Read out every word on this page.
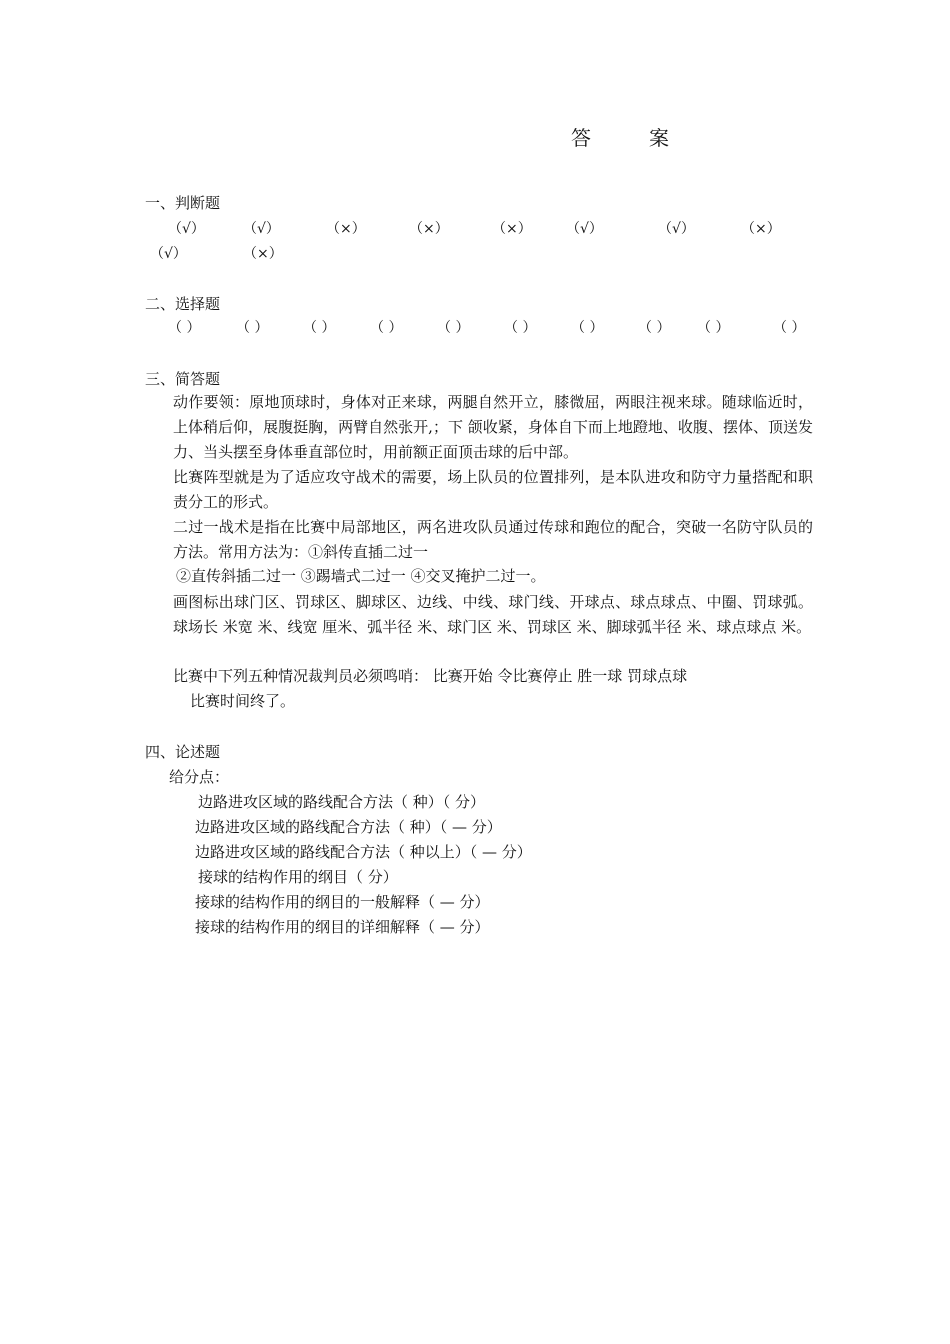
答	案
一、判断题
（√）	（√）	（×）	（×）	（×） （√）	（√）	（×）
（√）	（×）
二、选择题
（ ）	（ ） （ ） （ ） （ ） （ ） （ ） （ ） （ ）	（ ）
三、简答题
动作要领：原地顶球时，身体对正来球，两腿自然开立，膝微屈，两眼注视来球。随球临近时，上体稍后仰，展腹挺胸，两臂自然张开,；下 颌收紧，身体自下而上地蹬地、收腹、摆体、顶送发力、当头摆至身体垂直部位时，用前额正面顶击球的后中部。
比赛阵型就是为了适应攻守战术的需要，场上队员的位置排列，是本队进攻和防守力量搭配和职责分工的形式。
二过一战术是指在比赛中局部地区，两名进攻队员通过传球和跑位的配合，突破一名防守队员的方法。常用方法为：①斜传直插二过一
②直传斜插二过一 ③踢墙式二过一 ④交叉掩护二过一。
画图标出球门区、罚球区、脚球区、边线、中线、球门线、开球点、球点球点、中圈、罚球弧。球场长 米宽 米、线宽 厘米、弧半径 米、球门区 米、罚球区 米、脚球弧半径 米、球点球点 米。
比赛中下列五种情况裁判员必须鸣哨： 比赛开始 令比赛停止 胜一球 罚球点球
比赛时间终了。
四、论述题
给分点：
边路进攻区域的路线配合方法（ 种）（ 分）
边路进攻区域的路线配合方法（ 种）（ — 分）
边路进攻区域的路线配合方法（ 种以上）（ — 分）
接球的结构作用的纲目（ 分）
接球的结构作用的纲目的一般解释（ — 分）
接球的结构作用的纲目的详细解释（ — 分）
